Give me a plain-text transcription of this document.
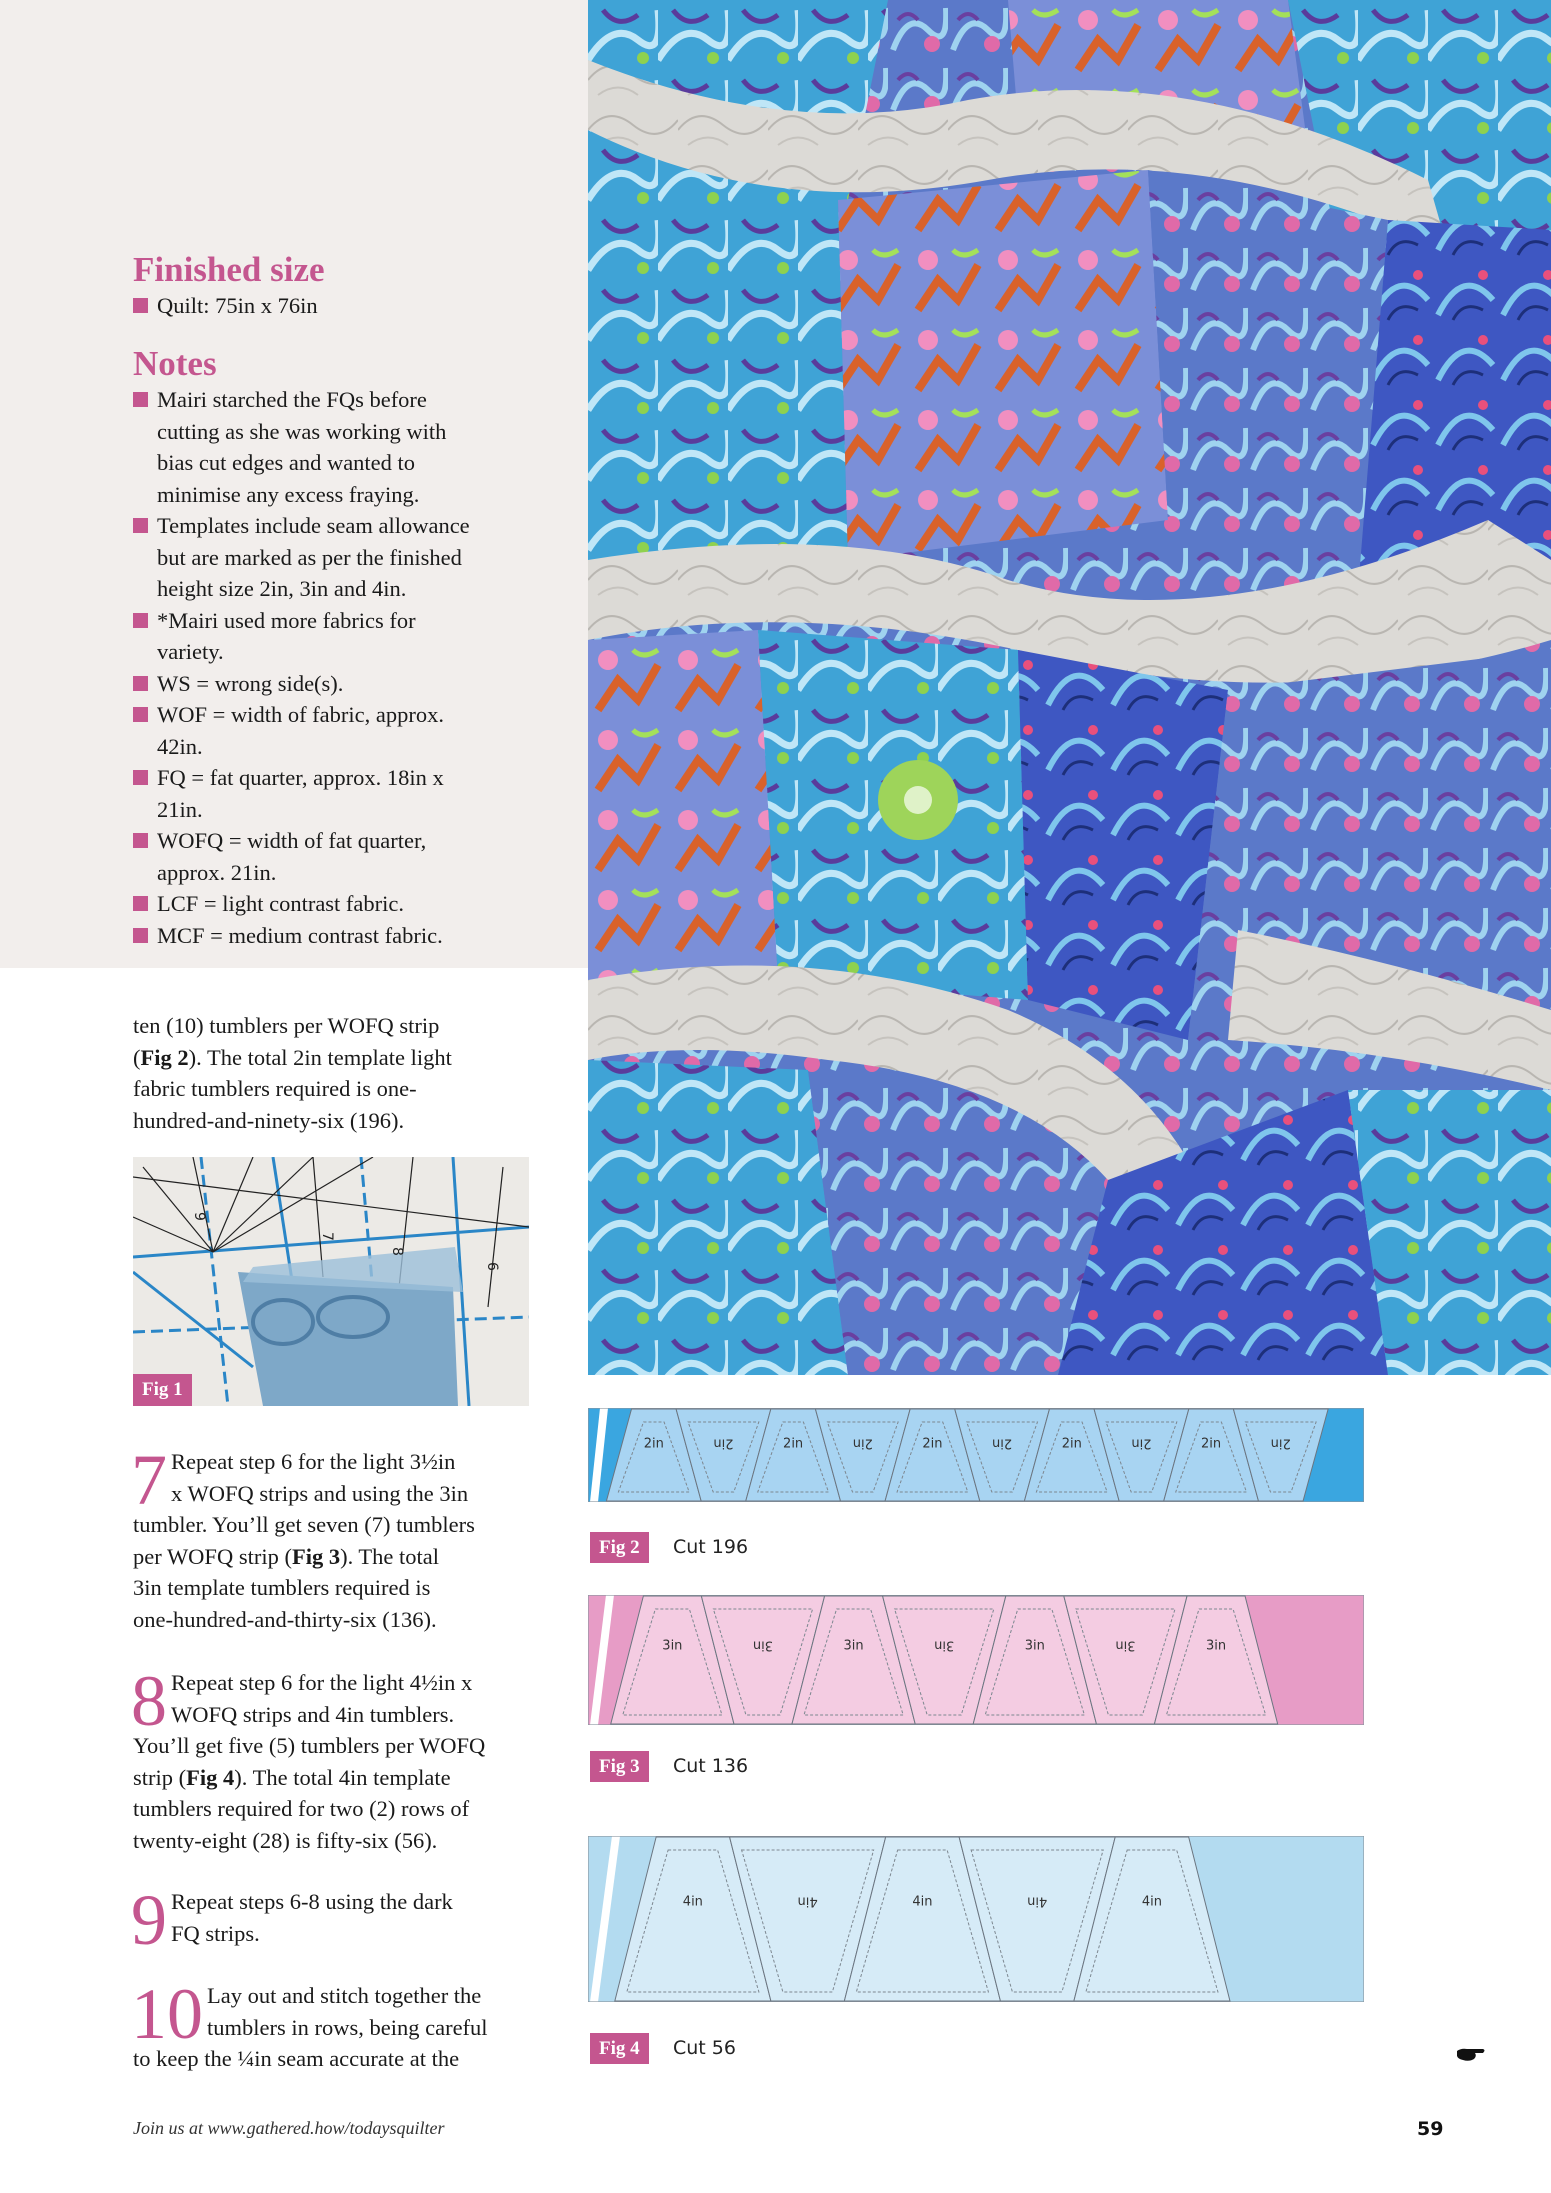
Finished size
Quilt: 75in x 76in
Notes
Mairi starched the FQs before
cutting as she was working with
bias cut edges and wanted to
minimise any excess fraying.
Templates include seam allowance
but are marked as per the finished
height size 2in, 3in and 4in.
*Mairi used more fabrics for
variety.
WS = wrong side(s).
WOF = width of fabric, approx.
42in.
FQ = fat quarter, approx. 18in x
21in.
WOFQ = width of fat quarter,
approx. 21in.
LCF = light contrast fabric.
MCF = medium contrast fabric.
ten (10) tumblers per WOFQ strip
(Fig 2). The total 2in template light
fabric tumblers required is one-
hundred-and-ninety-six (196).
9
7
8
6
Fig 1
7 Repeat step 6 for the light 3½in
x WOFQ strips and using the 3in
tumbler. You’ll get seven (7) tumblers
per WOFQ strip (Fig 3). The total
3in template tumblers required is
one-hundred-and-thirty-six (136).
8 Repeat step 6 for the light 4½in x
WOFQ strips and 4in tumblers.
You’ll get five (5) tumblers per WOFQ
strip (Fig 4). The total 4in template
tumblers required for two (2) rows of
twenty-eight (28) is fifty-six (56).
9 Repeat steps 6-8 using the dark
FQ strips.
10 Lay out and stitch together the
tumblers in rows, being careful
to keep the ¼in seam accurate at the
2in	2in	2in	2in	2in	2in	2in	2in	2in	2in
Fig 2	Cut 196
3in	3in	3in	3in	3in	3in	3in
Fig 3	Cut 136
4in	4in	4in	4in	4in
Fig 4	Cut 56
Join us at www.gathered.how/todaysquilter	59
